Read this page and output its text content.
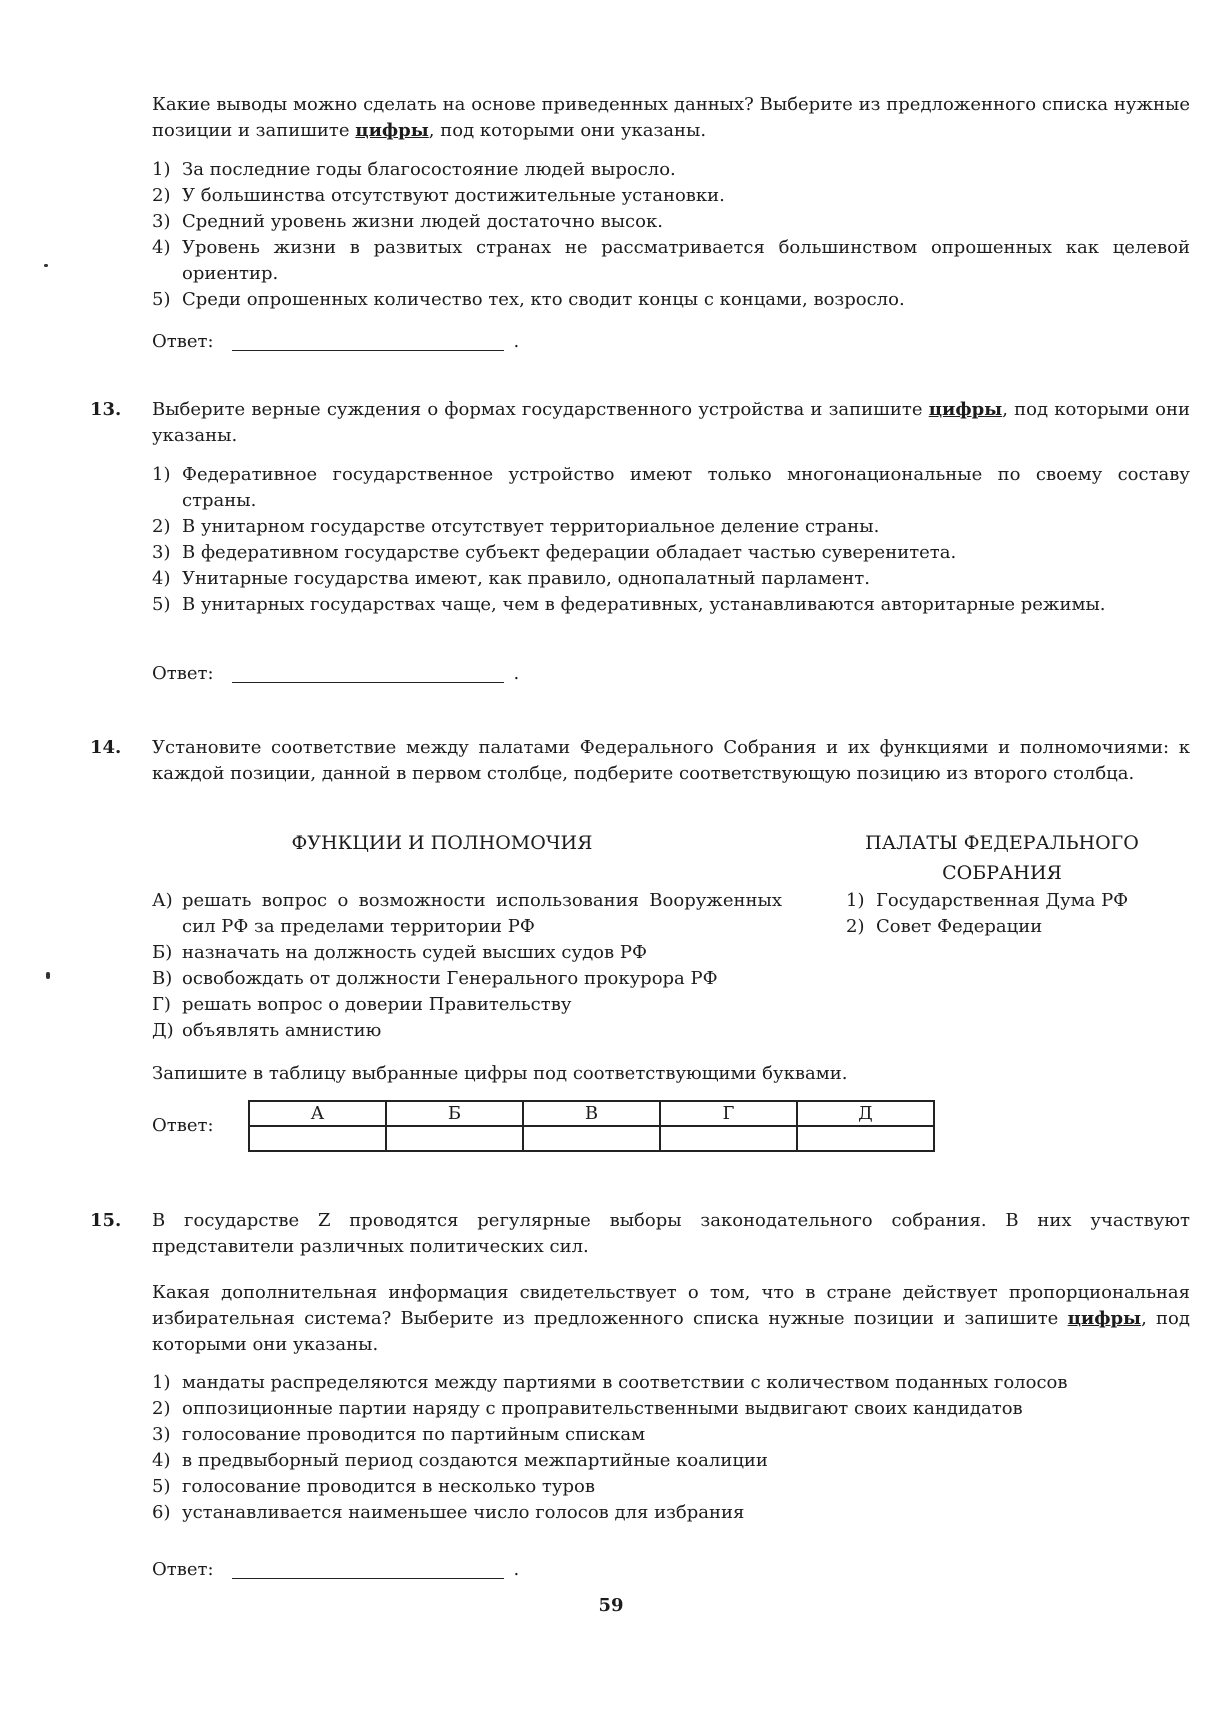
Какие выводы можно сделать на основе приведенных данных? Выберите из предложенного списка нужные позиции и запишите цифры, под которыми они указаны.

1) За последние годы благосостояние людей выросло.
2) У большинства отсутствуют достижительные установки.
3) Средний уровень жизни людей достаточно высок.
4) Уровень жизни в развитых странах не рассматривается большинством опрошенных как целевой ориентир.
5) Среди опрошенных количество тех, кто сводит концы с концами, возросло.
Ответ:	.
13. Выберите верные суждения о формах государственного устройства и запишите цифры, под которыми они указаны.

1) Федеративное государственное устройство имеют только многонациональные по своему составу страны.
2) В унитарном государстве отсутствует территориальное деление страны.
3) В федеративном государстве субъект федерации обладает частью суверенитета.
4) Унитарные государства имеют, как правило, однопалатный парламент.
5) В унитарных государствах чаще, чем в федеративных, устанавливаются авторитарные режимы.
Ответ:	.
14. Установите соответствие между палатами Федерального Собрания и их функциями и полномочиями: к каждой позиции, данной в первом столбце, подберите соответствующую позицию из второго столбца.

ФУНКЦИИ И ПОЛНОМОЧИЯ	ПАЛАТЫ ФЕДЕРАЛЬНОГО
СОБРАНИЯ
А) решать вопрос о возможности использования Вооруженных сил РФ за пределами территории РФ
Б) назначать на должность судей высших судов РФ
В) освобождать от должности Генерального прокурора РФ
Г) решать вопрос о доверии Правительству
Д) объявлять амнистию
1) Государственная Дума РФ
2) Совет Федерации

Запишите в таблицу выбранные цифры под соответствующими буквами.

Ответ:
А	Б	В	Г	Д

15. В государстве Z проводятся регулярные выборы законодательного собрания. В них участвуют представители различных политических сил.

Какая дополнительная информация свидетельствует о том, что в стране действует пропорциональная избирательная система? Выберите из предложенного списка нужные позиции и запишите цифры, под которыми они указаны.

1) мандаты распределяются между партиями в соответствии с количеством поданных голосов
2) оппозиционные партии наряду с проправительственными выдвигают своих кандидатов
3) голосование проводится по партийным спискам
4) в предвыборный период создаются межпартийные коалиции
5) голосование проводится в несколько туров
6) устанавливается наименьшее число голосов для избрания
Ответ:	.
59
